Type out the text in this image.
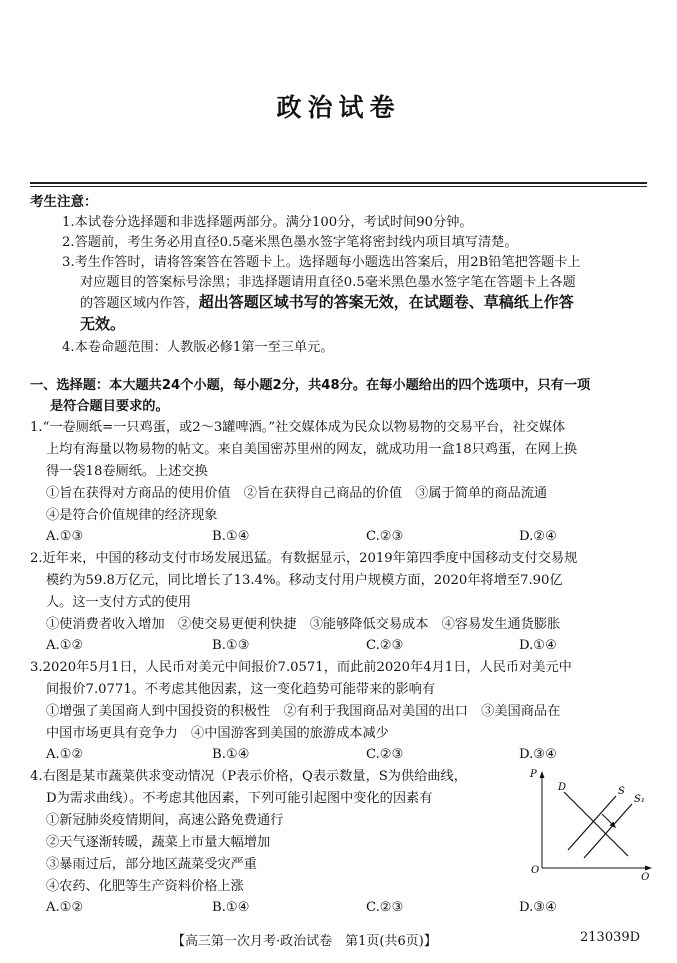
政治试卷
考生注意：
1.本试卷分选择题和非选择题两部分。满分100分，考试时间90分钟。
2.答题前，考生务必用直径0.5毫米黑色墨水签字笔将密封线内项目填写清楚。
3.考生作答时，请将答案答在答题卡上。选择题每小题选出答案后，用2B铅笔把答题卡上
对应题目的答案标号涂黑；非选择题请用直径0.5毫米黑色墨水签字笔在答题卡上各题
的答题区域内作答，超出答题区域书写的答案无效，在试题卷、草稿纸上作答
无效。
4.本卷命题范围：人教版必修1第一至三单元。
一、选择题：本大题共24个小题，每小题2分，共48分。在每小题给出的四个选项中，只有一项
是符合题目要求的。
1.“一卷厕纸=一只鸡蛋，或2～3罐啤酒。”社交媒体成为民众以物易物的交易平台，社交媒体
上均有海量以物易物的帖文。来自美国密苏里州的网友，就成功用一盒18只鸡蛋，在网上换
得一袋18卷厕纸。上述交换
①旨在获得对方商品的使用价值　②旨在获得自己商品的价值　③属于简单的商品流通
④是符合价值规律的经济现象
A.①③	B.①④	C.②③	D.②④
2.近年来，中国的移动支付市场发展迅猛。有数据显示，2019年第四季度中国移动支付交易规
模约为59.8万亿元，同比增长了13.4%。移动支付用户规模方面，2020年将增至7.90亿
人。这一支付方式的使用
①使消费者收入增加　②使交易更便利快捷　③能够降低交易成本　④容易发生通货膨胀
A.①②	B.①③	C.②③	D.①④
3.2020年5月1日，人民币对美元中间报价7.0571，而此前2020年4月1日，人民币对美元中
间报价7.0771。不考虑其他因素，这一变化趋势可能带来的影响有
①增强了美国商人到中国投资的积极性　②有利于我国商品对美国的出口　③美国商品在
中国市场更具有竞争力　④中国游客到美国的旅游成本减少
A.①②	B.①④	C.②③	D.③④
4.右图是某市蔬菜供求变动情况（P表示价格，Q表示数量，S为供给曲线，
D为需求曲线）。不考虑其他因素，下列可能引起图中变化的因素有
①新冠肺炎疫情期间，高速公路免费通行
②天气逐渐转暖，蔬菜上市量大幅增加
③暴雨过后，部分地区蔬菜受灾严重
④农药、化肥等生产资料价格上涨
A.①②	B.①④	C.②③	D.③④
P
Q
O
D	S
S₁
【高三第一次月考·政治试卷　第1页(共6页)】	213039D
